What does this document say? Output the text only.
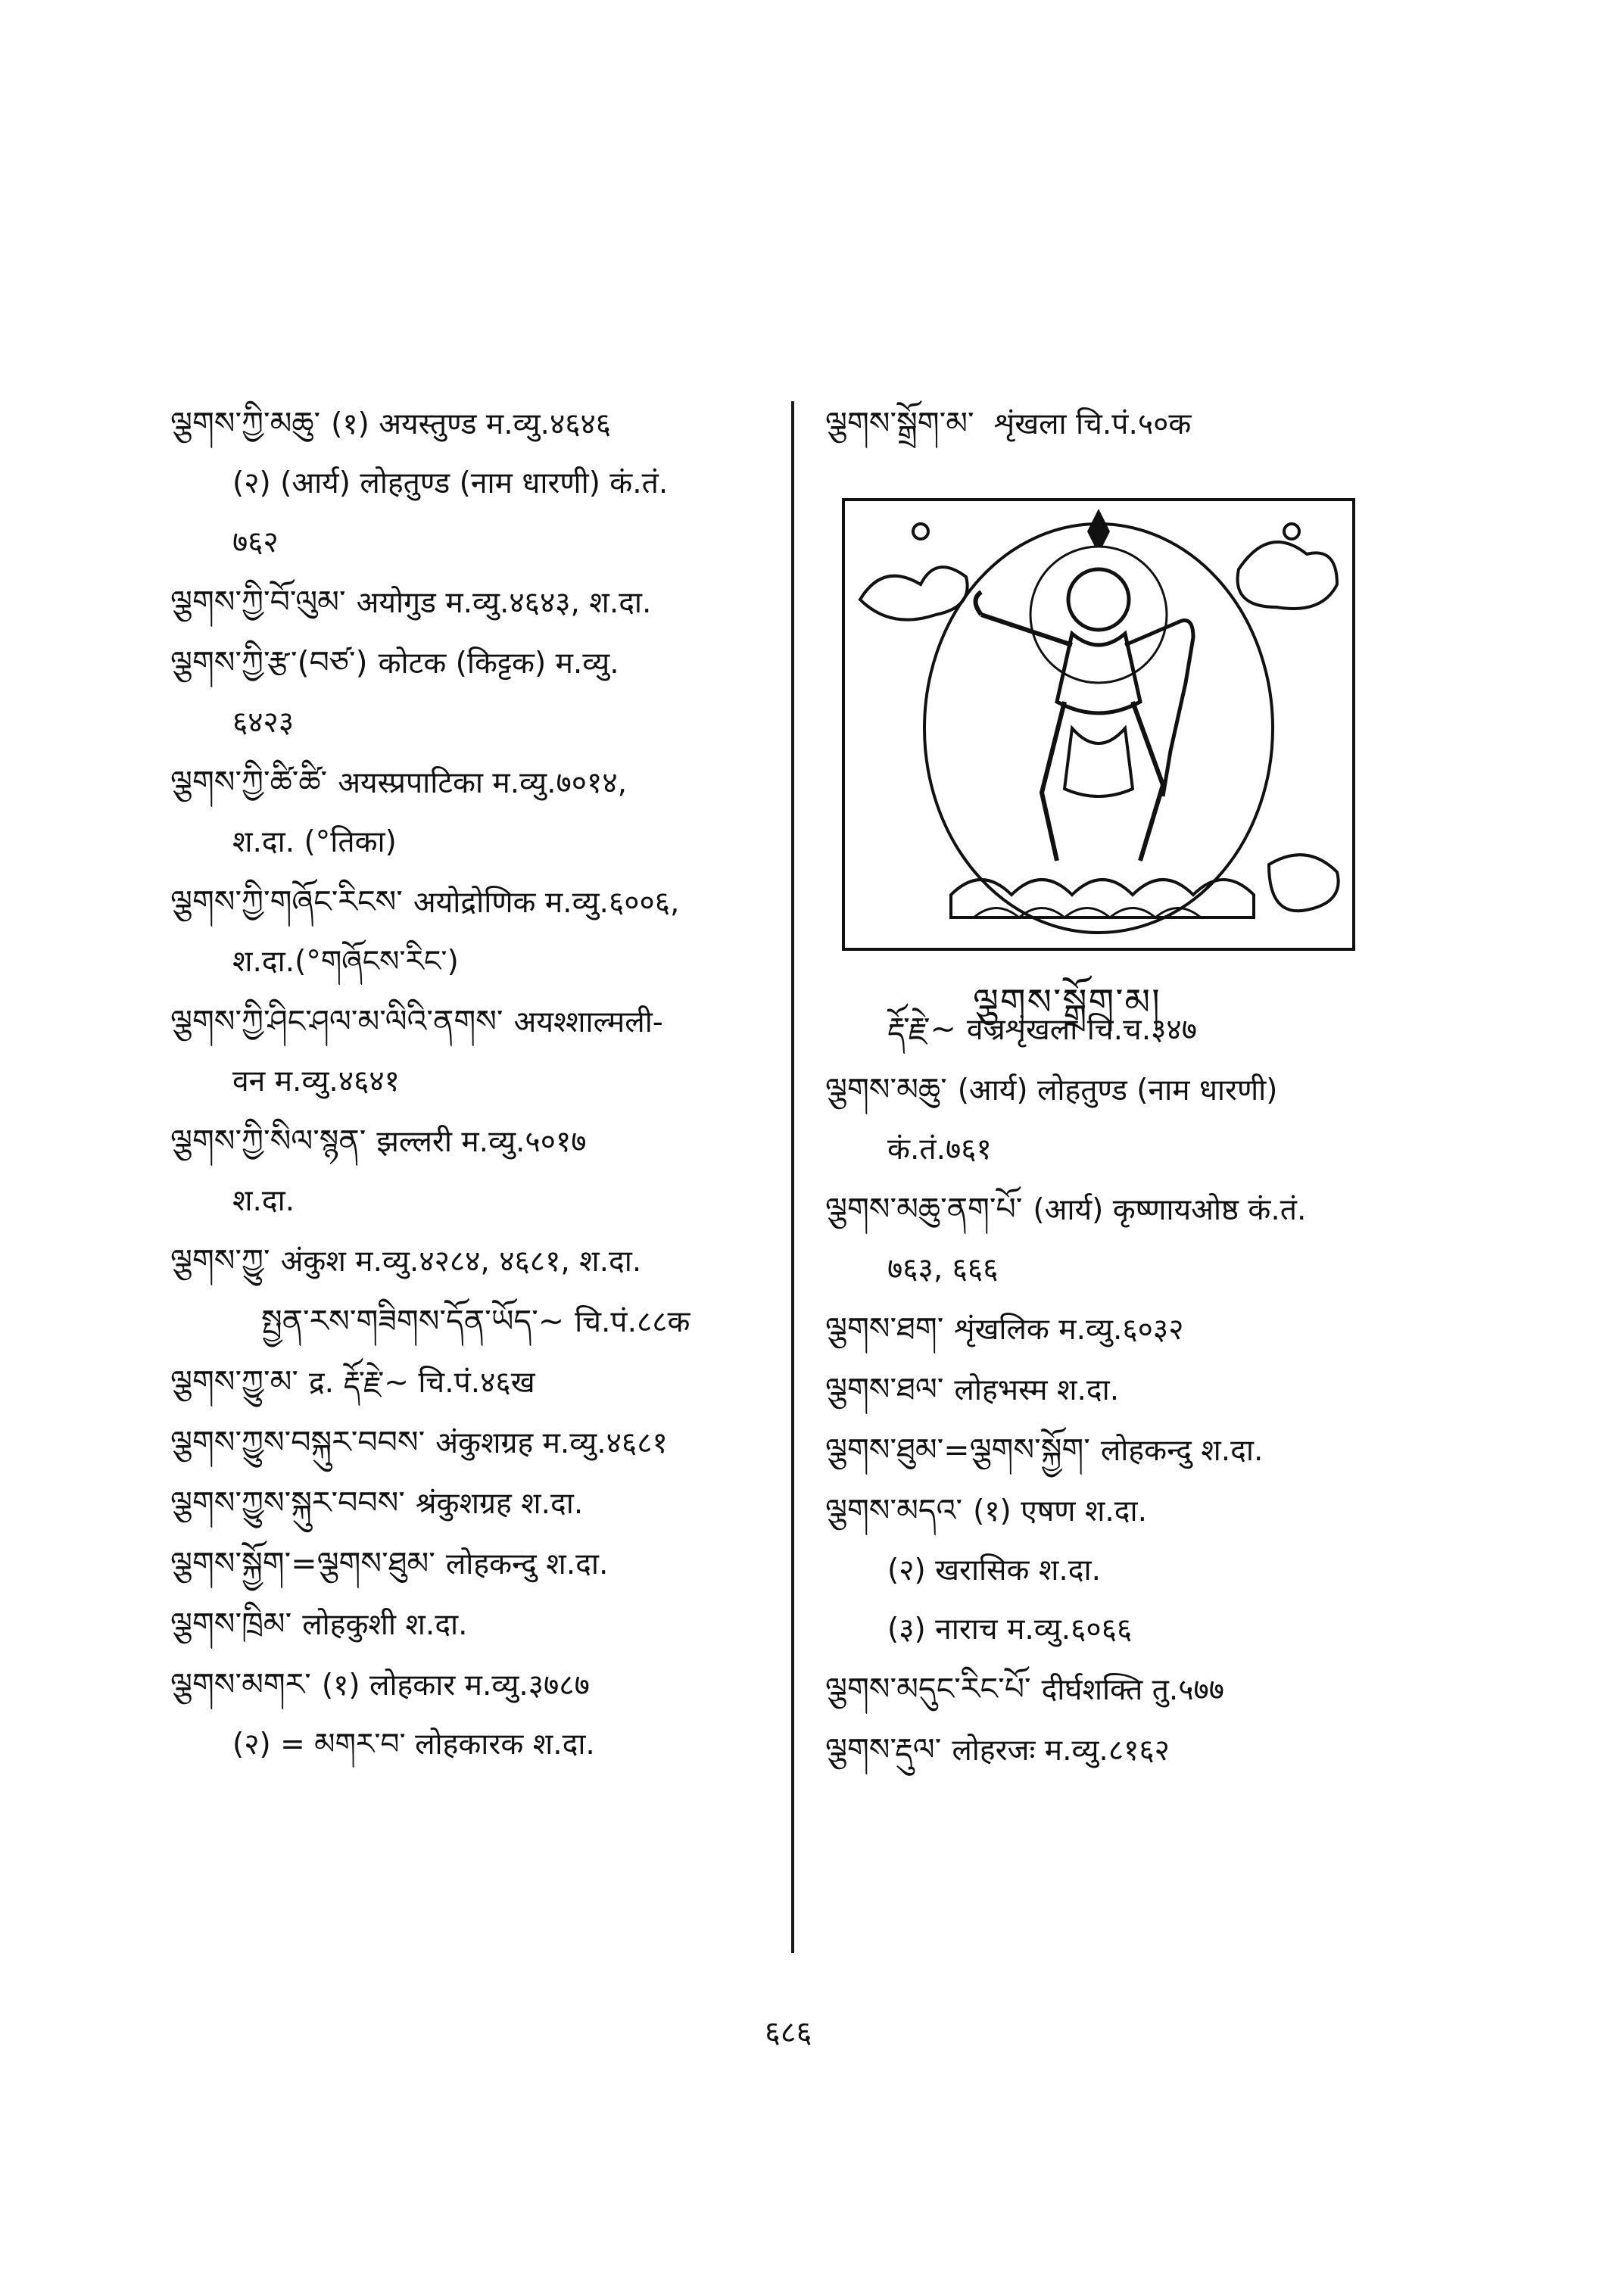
ལྕགས་ཀྱི་མཆུ་ (१) अयस्तुण्ड म.व्यु.४६४६
(२) (आर्य) लोहतुण्ड (नाम धारणी) कं.तं.
७६२
ལྕགས་ཀྱི་བོ་ལུམ་ अयोगुड म.व्यु.४६४३, श.दा.
ལྕགས་ཀྱི་རྩ་(བཙ་) कोटक (किट्टक) म.व्यु.
६४२३
ལྕགས་ཀྱི་ཚི་ཚི་ अयस्प्रपाटिका म.व्यु.७०१४,
श.दा. (°तिका)
ལྕགས་ཀྱི་གཞོང་རིངས་ अयोद्रोणिक म.व्यु.६००६,
श.दा.(°གཞོངས་རིང་)
ལྕགས་ཀྱི་ཤིང་ཤལ་མ་ལིའི་ནགས་ अयश्शाल्मली-
वन म.व्यु.४६४१
ལྕགས་ཀྱི་སིལ་སྙན་ झल्लरी म.व्यु.५०१७
श.दा.
ལྕགས་ཀྱུ་ अंकुश म.व्यु.४२८४, ४६८१, श.दा.
སྤྱན་རས་གཟིགས་དོན་ཡོད་~ चि.पं.८८क
ལྕགས་ཀྱུ་མ་ द्र. རྡོ་རྗེ་~ चि.पं.४६ख
ལྕགས་ཀྱུས་བསྐུར་བབས་ अंकुशग्रह म.व्यु.४६८१
ལྕགས་ཀྱུས་སྐུར་བབས་ श्रंकुशग्रह श.दा.
ལྕགས་སྐྱོག་=ལྕགས་ཐུམ་ लोहकन्दु श.दा.
ལྕགས་ཁྲིམ་ लोहकुशी श.दा.
ལྕགས་མགར་ (१) लोहकार म.व्यु.३७८७
(२) = མགར་བ་ लोहकारक श.दा.
ལྕགས་སྒྲོག་མ་ शृंखला चि.पं.५०क
ལྕགས་སྒྲོག་མ།
རྡོ་རྗེ་~ वज्रशृंखला चि.च.३४७
ལྕགས་མཆུ་ (आर्य) लोहतुण्ड (नाम धारणी)
कं.तं.७६१
ལྕགས་མཆུ་ནག་པོ་ (आर्य) कृष्णायओष्ठ कं.तं.
७६३, ६६६
ལྕགས་ཐག་ शृंखलिक म.व्यु.६०३२
ལྕགས་ཐལ་ लोहभस्म श.दा.
ལྕགས་ཐུམ་=ལྕགས་སྐྱོག་ लोहकन्दु श.दा.
ལྕགས་མདའ་ (१) एषण श.दा.
(२) खरासिक श.दा.
(३) नाराच म.व्यु.६०६६
ལྕགས་མདུང་རིང་པོ་ दीर्घशक्ति तु.५७७
ལྕགས་རྡུལ་ लोहरजः म.व्यु.८१६२
६८६
